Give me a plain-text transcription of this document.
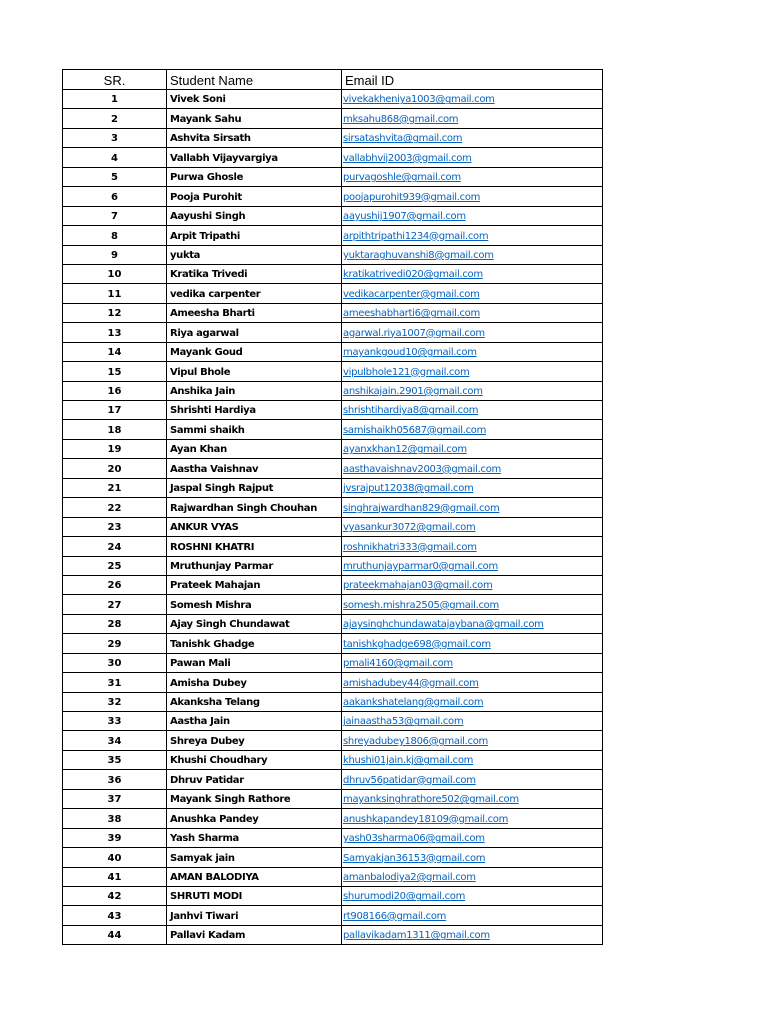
SR.	Student Name	Email ID
1	Vivek Soni	vivekakheniya1003@gmail.com
2	Mayank Sahu	mksahu868@gmail.com
3	Ashvita Sirsath	sirsatashvita@gmail.com
4	Vallabh Vijayvargiya	vallabhvij2003@gmail.com
5	Purwa Ghosle	purvagoshle@gmail.com
6	Pooja Purohit	poojapurohit939@gmail.com
7	Aayushi Singh	aayushij1907@gmail.com
8	Arpit Tripathi	arpithtripathi1234@gmail.com
9	yukta	yuktaraghuvanshi8@gmail.com
10	Kratika Trivedi	kratikatrivedi020@gmail.com
11	vedika carpenter	vedikacarpenter@gmail.com
12	Ameesha Bharti	ameeshabharti6@gmail.com
13	Riya agarwal	agarwal.riya1007@gmail.com
14	Mayank Goud	mayankgoud10@gmail.com
15	Vipul Bhole	vipulbhole121@gmail.com
16	Anshika Jain	anshikajain.2901@gmail.com
17	Shrishti Hardiya	shrishtihardiya8@gmail.com
18	Sammi shaikh	samishaikh05687@gmail.com
19	Ayan Khan	ayanxkhan12@gmail.com
20	Aastha Vaishnav	aasthavaishnav2003@gmail.com
21	Jaspal Singh Rajput	jvsrajput12038@gmail.com
22	Rajwardhan Singh Chouhan	singhrajwardhan829@gmail.com
23	ANKUR VYAS	vyasankur3072@gmail.com
24	ROSHNI KHATRI	roshnikhatri333@gmail.com
25	Mruthunjay Parmar	mruthunjayparmar0@gmail.com
26	Prateek Mahajan	prateekmahajan03@gmail.com
27	Somesh Mishra	somesh.mishra2505@gmail.com
28	Ajay Singh Chundawat	ajaysinghchundawatajaybana@gmail.com
29	Tanishk Ghadge	tanishkghadge698@gmail.com
30	Pawan Mali	pmali4160@gmail.com
31	Amisha Dubey	amishadubey44@gmail.com
32	Akanksha Telang	aakankshatelang@gmail.com
33	Aastha Jain	jainaastha53@gmail.com
34	Shreya Dubey	shreyadubey1806@gmail.com
35	Khushi Choudhary	khushi01jain.kj@gmail.com
36	Dhruv Patidar	dhruv56patidar@gmail.com
37	Mayank Singh Rathore	mayanksinghrathore502@gmail.com
38	Anushka Pandey	anushkapandey18109@gmail.com
39	Yash Sharma	yash03sharma06@gmail.com
40	Samyak jain	Samyakjan36153@gmail.com
41	AMAN BALODIYA	amanbalodiya2@gmail.com
42	SHRUTI MODI	shurumodi20@gmail.com
43	Janhvi Tiwari	rt908166@gmail.com
44	Pallavi Kadam	pallavikadam1311@gmail.com
